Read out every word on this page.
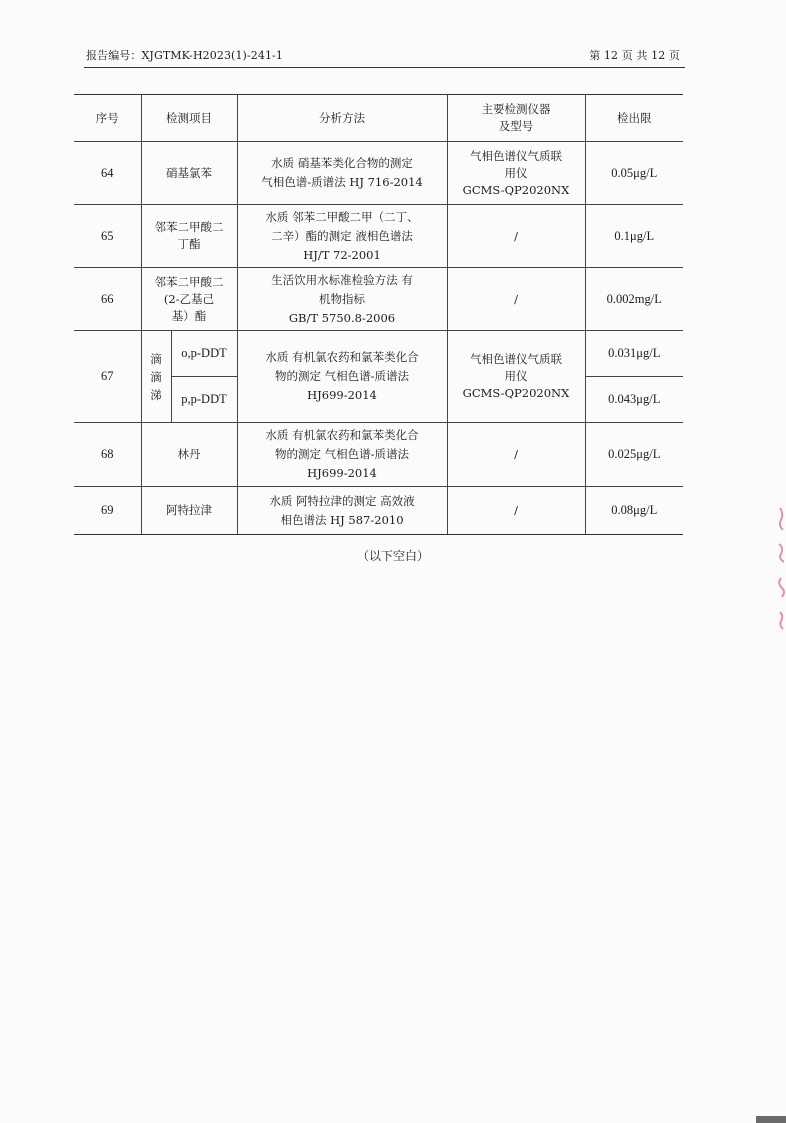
报告编号：XJGTMK-H2023(1)-241-1	第 12 页 共 12 页
序号	检测项目		分析方法	主要检测仪器
及型号	检出限
64	硝基氯苯		水质 硝基苯类化合物的测定
气相色谱-质谱法 HJ 716-2014	气相色谱仪气质联
用仪
GCMS-QP2020NX	0.05μg/L
65	邻苯二甲酸二
丁酯		水质 邻苯二甲酸二甲（二丁、
二辛）酯的测定 液相色谱法
HJ/T 72-2001	/	0.1μg/L
66	邻苯二甲酸二
(2-乙基己
基）酯		生活饮用水标准检验方法 有
机物指标
GB/T 5750.8-2006	/	0.002mg/L
67	滴
滴
涕	o,p-DDT	水质 有机氯农药和氯苯类化合
物的测定 气相色谱-质谱法
HJ699-2014	气相色谱仪气质联
用仪
GCMS-QP2020NX	0.031μg/L
		p,p-DDT			0.043μg/L
68	林丹		水质 有机氯农药和氯苯类化合
物的测定 气相色谱-质谱法
HJ699-2014	/	0.025μg/L
69	阿特拉津		水质 阿特拉津的测定 高效液
相色谱法 HJ 587-2010	/	0.08μg/L
（以下空白）
